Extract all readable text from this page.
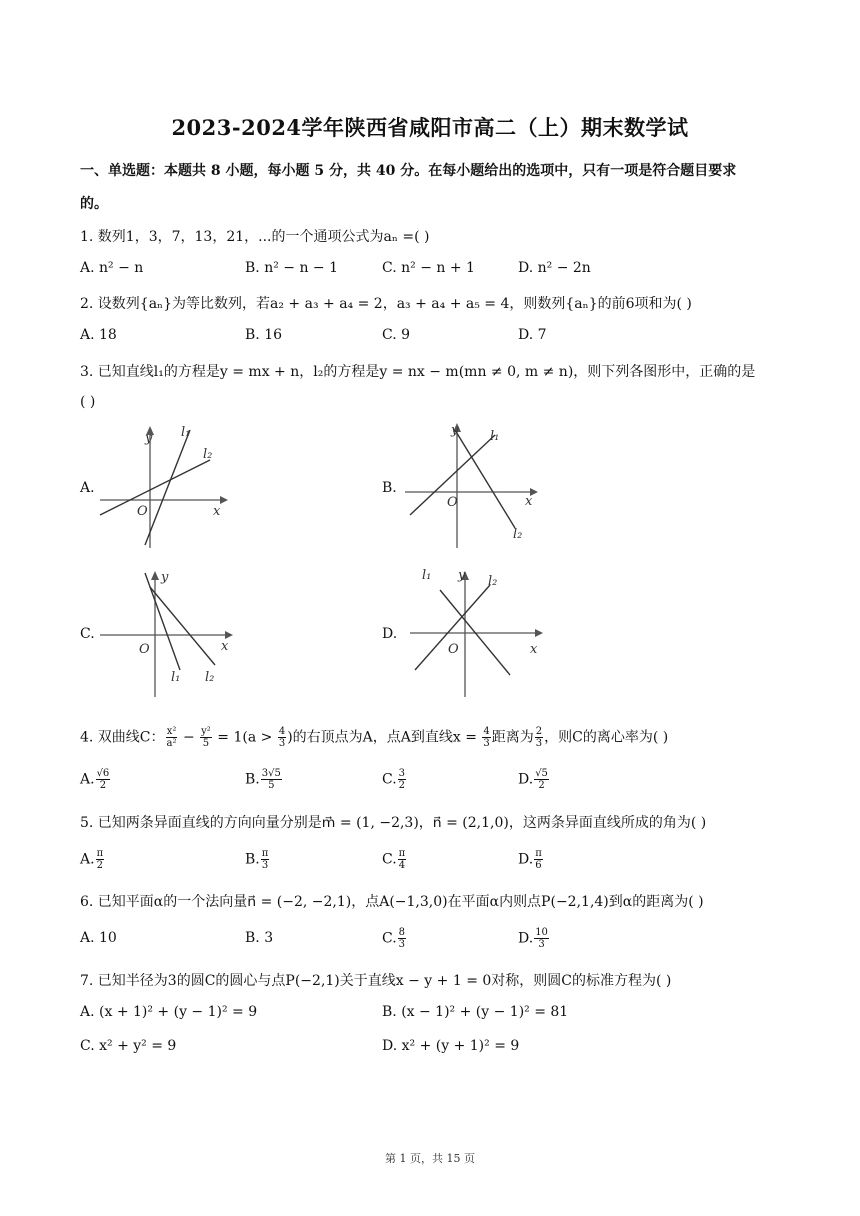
2023-2024学年陕西省咸阳市高二（上）期末数学试
一、单选题：本题共 8 小题，每小题 5 分，共 40 分。在每小题给出的选项中，只有一项是符合题目要求
的。
1. 数列1，3，7，13，21，...的一个通项公式为aₙ =( )
A. n² − n	B. n² − n − 1	C. n² − n + 1	D. n² − 2n
2. 设数列{aₙ}为等比数列，若a₂ + a₃ + a₄ = 2，a₃ + a₄ + a₅ = 4，则数列{aₙ}的前6项和为( )
A. 18	B. 16	C. 9	D. 7
3. 已知直线l₁的方程是y = mx + n，l₂的方程是y = nx − m(mn ≠ 0, m ≠ n)，则下列各图形中，正确的是
( )
A.
y
x
O
l₁
l₂
B.
y
x
O
l₁
l₂
C.
y
x
O
l₁ l₂
D.
y
x
O
l₁	l₂
4. 双曲线C： $\frac{\text{x²}}{\text{a²}} - \frac{\text{y²}}{5} = 1(a > \frac{4}{3}$ )的右顶点为A，点A到直线$x = \frac{4}{3}$ 距离为 $\frac{2}{3}$ ，则C的离心率为( )
A. $\frac{√6}{2}$	B. $\frac{3√5}{5}$	C. $\frac{3}{2}$	D. $\frac{√5}{2}$
5. 已知两条异面直线的方向向量分别是m⃗ = (1, −2,3)，n⃗ = (2,1,0)，这两条异面直线所成的角为( )
A. $\frac{\pi}{2}$	B. $\frac{\pi}{3}$	C. $\frac{\pi}{4}$	D. $\frac{\pi}{6}$
6. 已知平面α的一个法向量n⃗ = (−2, −2,1)，点A(−1,3,0)在平面α内则点P(−2,1,4)到α的距离为( )
A. 10	B. 3	C. $\frac{8}{3}$	D. $\frac{10}{3}$
7. 已知半径为3的圆C的圆心与点P(−2,1)关于直线x − y + 1 = 0对称，则圆C的标准方程为( )
A. (x + 1)² + (y − 1)² = 9	B. (x − 1)² + (y − 1)² = 81
C. x² + y² = 9	D. x² + (y + 1)² = 9
第 1 页，共 15 页
